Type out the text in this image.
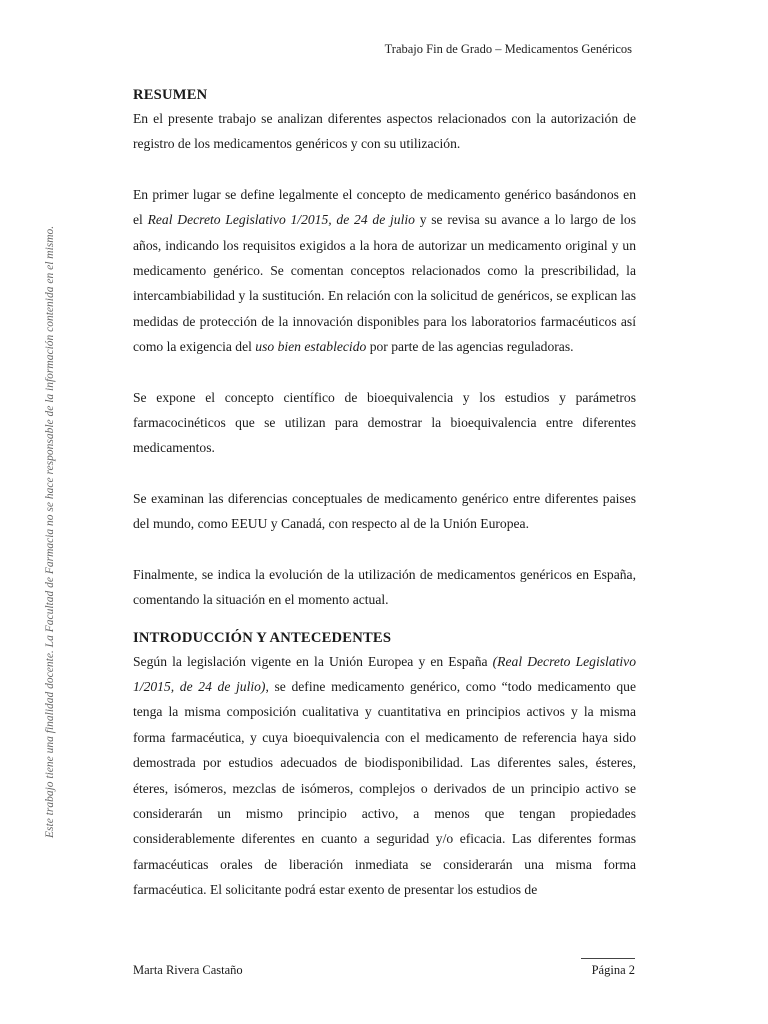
Trabajo Fin de Grado – Medicamentos Genéricos
Este trabajo tiene una finalidad docente. La Facultad de Farmacia no se hace responsable de la información contenida en el mismo.
RESUMEN

En el presente trabajo se analizan diferentes aspectos relacionados con la autorización de registro de los medicamentos genéricos y con su utilización.

En primer lugar se define legalmente el concepto de medicamento genérico basándonos en el Real Decreto Legislativo 1/2015, de 24 de julio y se revisa su avance a lo largo de los años, indicando los requisitos exigidos a la hora de autorizar un medicamento original y un medicamento genérico. Se comentan conceptos relacionados como la prescribilidad, la intercambiabilidad y la sustitución. En relación con la solicitud de genéricos, se explican las medidas de protección de la innovación disponibles para los laboratorios farmacéuticos así como la exigencia del uso bien establecido por parte de las agencias reguladoras.

Se expone el concepto científico de bioequivalencia y los estudios y parámetros farmacocinéticos que se utilizan para demostrar la bioequivalencia entre diferentes medicamentos.

Se examinan las diferencias conceptuales de medicamento genérico entre diferentes paises del mundo, como EEUU y Canadá, con respecto al de la Unión Europea.

Finalmente, se indica la evolución de la utilización de medicamentos genéricos en España, comentando la situación en el momento actual.

INTRODUCCIÓN Y ANTECEDENTES

Según la legislación vigente en la Unión Europea y en España (Real Decreto Legislativo 1/2015, de 24 de julio), se define medicamento genérico, como “todo medicamento que tenga la misma composición cualitativa y cuantitativa en principios activos y la misma forma farmacéutica, y cuya bioequivalencia con el medicamento de referencia haya sido demostrada por estudios adecuados de biodisponibilidad. Las diferentes sales, ésteres, éteres, isómeros, mezclas de isómeros, complejos o derivados de un principio activo se considerarán un mismo principio activo, a menos que tengan propiedades considerablemente diferentes en cuanto a seguridad y/o eficacia. Las diferentes formas farmacéuticas orales de liberación inmediata se considerarán una misma forma farmacéutica. El solicitante podrá estar exento de presentar los estudios de

Marta Rivera Castaño	Página 2
